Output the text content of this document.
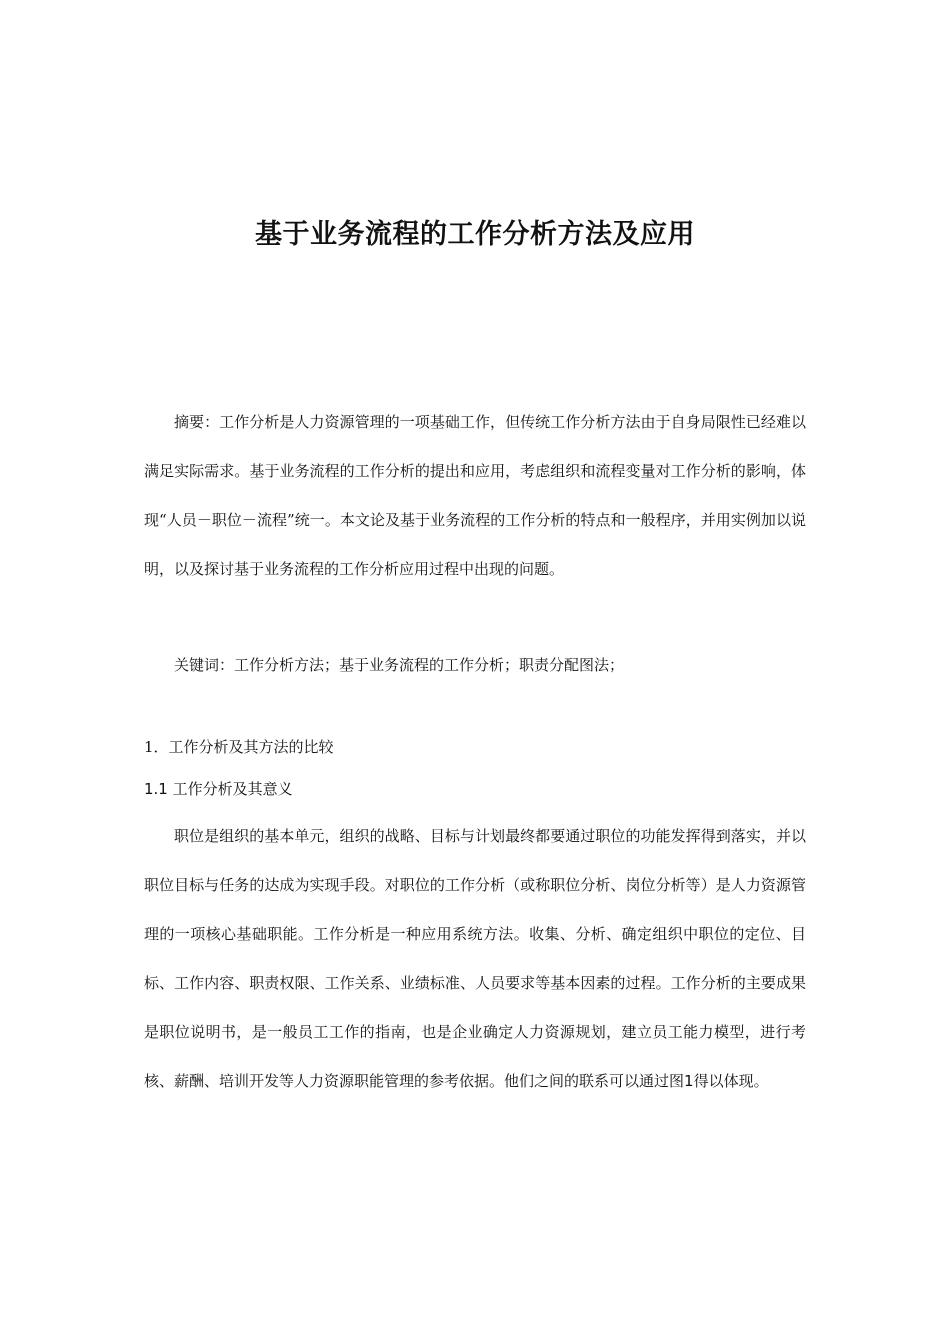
基于业务流程的工作分析方法及应用

摘要：工作分析是人力资源管理的一项基础工作，但传统工作分析方法由于自身局限性已经难以满足实际需求。基于业务流程的工作分析的提出和应用，考虑组织和流程变量对工作分析的影响，体现“人员－职位－流程”统一。本文论及基于业务流程的工作分析的特点和一般程序，并用实例加以说明，以及探讨基于业务流程的工作分析应用过程中出现的问题。

关键词：工作分析方法；基于业务流程的工作分析；职责分配图法；

1．工作分析及其方法的比较

1.1 工作分析及其意义

职位是组织的基本单元，组织的战略、目标与计划最终都要通过职位的功能发挥得到落实，并以职位目标与任务的达成为实现手段。对职位的工作分析（或称职位分析、岗位分析等）是人力资源管理的一项核心基础职能。工作分析是一种应用系统方法。收集、分析、确定组织中职位的定位、目标、工作内容、职责权限、工作关系、业绩标准、人员要求等基本因素的过程。工作分析的主要成果是职位说明书，是一般员工工作的指南，也是企业确定人力资源规划，建立员工能力模型，进行考核、薪酬、培训开发等人力资源职能管理的参考依据。他们之间的联系可以通过图1得以体现。
